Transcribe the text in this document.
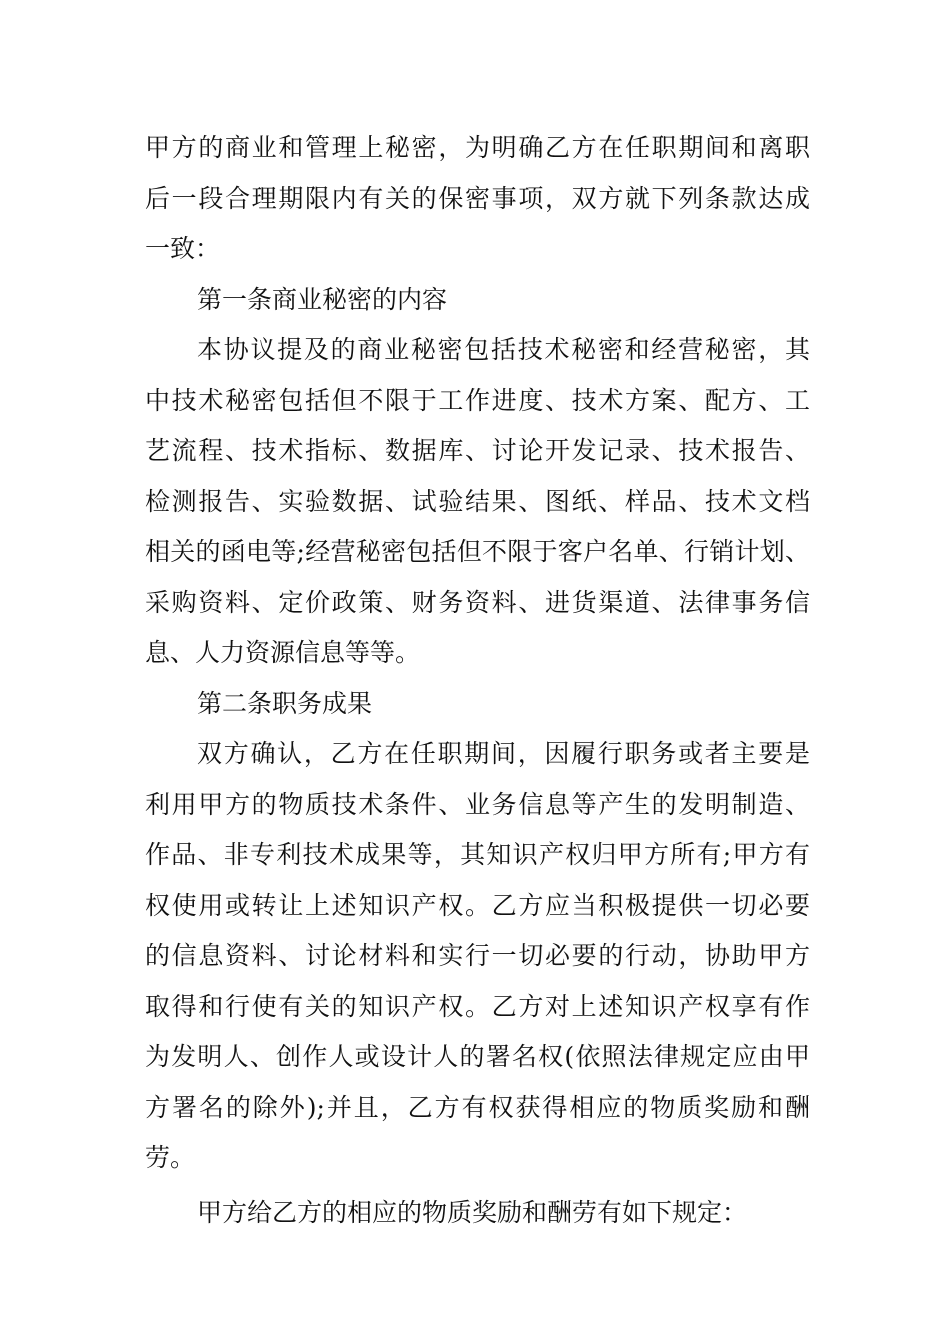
甲方的商业和管理上秘密，为明确乙方在任职期间和离职
后一段合理期限内有关的保密事项，双方就下列条款达成
一致：
第一条商业秘密的内容
本协议提及的商业秘密包括技术秘密和经营秘密，其
中技术秘密包括但不限于工作进度、技术方案、配方、工
艺流程、技术指标、数据库、讨论开发记录、技术报告、
检测报告、实验数据、试验结果、图纸、样品、技术文档
相关的函电等;经营秘密包括但不限于客户名单、行销计划、
采购资料、定价政策、财务资料、进货渠道、法律事务信
息、人力资源信息等等。
第二条职务成果
双方确认，乙方在任职期间，因履行职务或者主要是
利用甲方的物质技术条件、业务信息等产生的发明制造、
作品、非专利技术成果等，其知识产权归甲方所有;甲方有
权使用或转让上述知识产权。乙方应当积极提供一切必要
的信息资料、讨论材料和实行一切必要的行动，协助甲方
取得和行使有关的知识产权。乙方对上述知识产权享有作
为发明人、创作人或设计人的署名权(依照法律规定应由甲
方署名的除外);并且，乙方有权获得相应的物质奖励和酬
劳。
甲方给乙方的相应的物质奖励和酬劳有如下规定：
